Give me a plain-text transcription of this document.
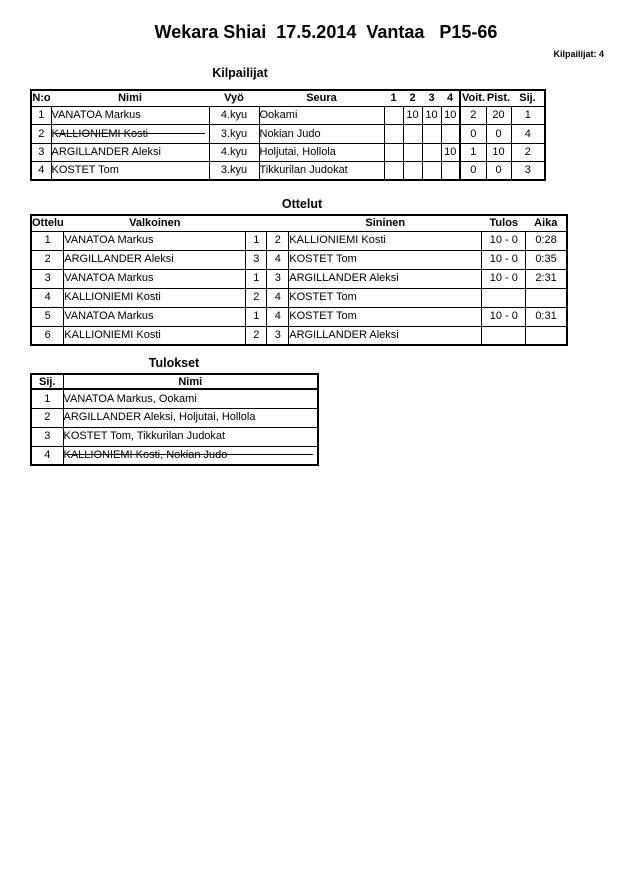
Wekara Shiai  17.5.2014  Vantaa   P15-66
Kilpailijat: 4
Kilpailijat
N:o	Nimi	Vyö	Seura	1	2	3	4	Voit.	Pist.	Sij.
1	VANATOA Markus	4.kyu	Ookami		10	10	10	2	20	1
2	KALLIONIEMI Kosti	3.kyu	Nokian Judo					0	0	4
3	ARGILLANDER Aleksi	4.kyu	Holjutai, Hollola				10	1	10	2
4	KOSTET Tom	3.kyu	Tikkurilan Judokat					0	0	3
Ottelut
Ottelu	Valkoinen			Sininen	Tulos	Aika
1	VANATOA Markus	1	2	KALLIONIEMI Kosti	10 - 0	0:28
2	ARGILLANDER Aleksi	3	4	KOSTET Tom	10 - 0	0:35
3	VANATOA Markus	1	3	ARGILLANDER Aleksi	10 - 0	2:31
4	KALLIONIEMI Kosti	2	4	KOSTET Tom		
5	VANATOA Markus	1	4	KOSTET Tom	10 - 0	0:31
6	KALLIONIEMI Kosti	2	3	ARGILLANDER Aleksi		
Tulokset
Sij.	Nimi
1	VANATOA Markus, Ookami
2	ARGILLANDER Aleksi, Holjutai, Hollola
3	KOSTET Tom, Tikkurilan Judokat
4	KALLIONIEMI Kosti, Nokian Judo
